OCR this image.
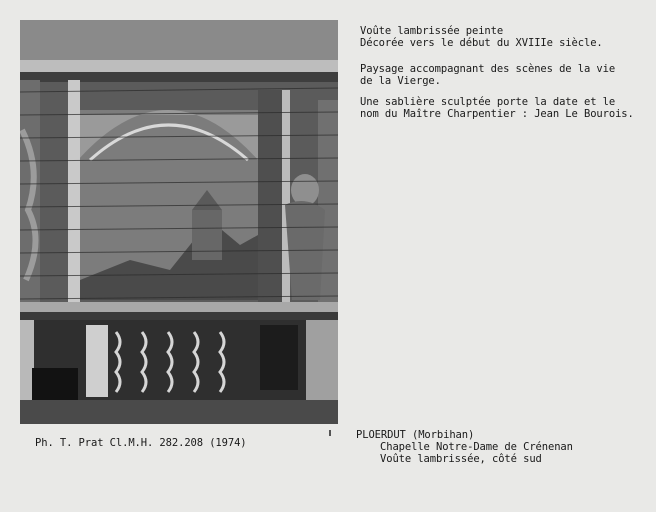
Voûte lambrissée peinte
Décorée vers le début du XVIIIe siècle.
Paysage accompagnant des scènes de la vie
de la Vierge.
Une sablière sculptée porte la date et le
nom du Maître Charpentier : Jean Le Bourois.
Ph. T. Prat Cl.M.H. 282.208 (1974)
PLOERDUT (Morbihan)
Chapelle Notre-Dame de Crénenan
Voûte lambrissée, côté sud
